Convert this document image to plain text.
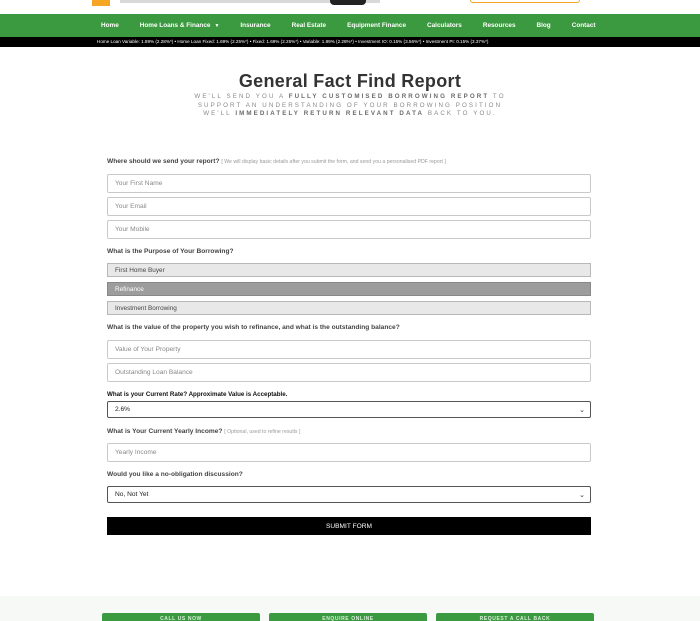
Home	Home Loans & Finance ▼	Insurance	Real Estate	Equipment Finance	Calculators	Resources	Blog	Contact
Home Loan Variable: 1.89% (2.28%*) • Home Loan Fixed: 1.69% (2.25%*) • Fixed: 1.69% (2.25%*) • Variable: 1.89% (2.28%*) • Investment IO: 0.15% (3.56%*) • Investment PI: 0.15% (3.37%*)
General Fact Find Report
WE'LL SEND YOU A FULLY CUSTOMISED BORROWING REPORT TO
SUPPORT AN UNDERSTANDING OF YOUR BORROWING POSITION
WE'LL IMMEDIATELY RETURN RELEVANT DATA BACK TO YOU.
Where should we send your report? [ We will display basic details after you submit the form, and send you a personalised PDF report ]
Your First Name
Your Email
Your Mobile
What is the Purpose of Your Borrowing?
First Home Buyer
Refinance
Investment Borrowing
What is the value of the property you wish to refinance, and what is the outstanding balance?
Value of Your Property
Outstanding Loan Balance
What is your Current Rate? Approximate Value is Acceptable.
2.6%	⌄
What is Your Current Yearly Income? [ Optional, used to refine results ]
Yearly Income
Would you like a no-obligation discussion?
No, Not Yet	⌄
SUBMIT FORM
CALL US NOW	ENQUIRE ONLINE	REQUEST A CALL BACK
